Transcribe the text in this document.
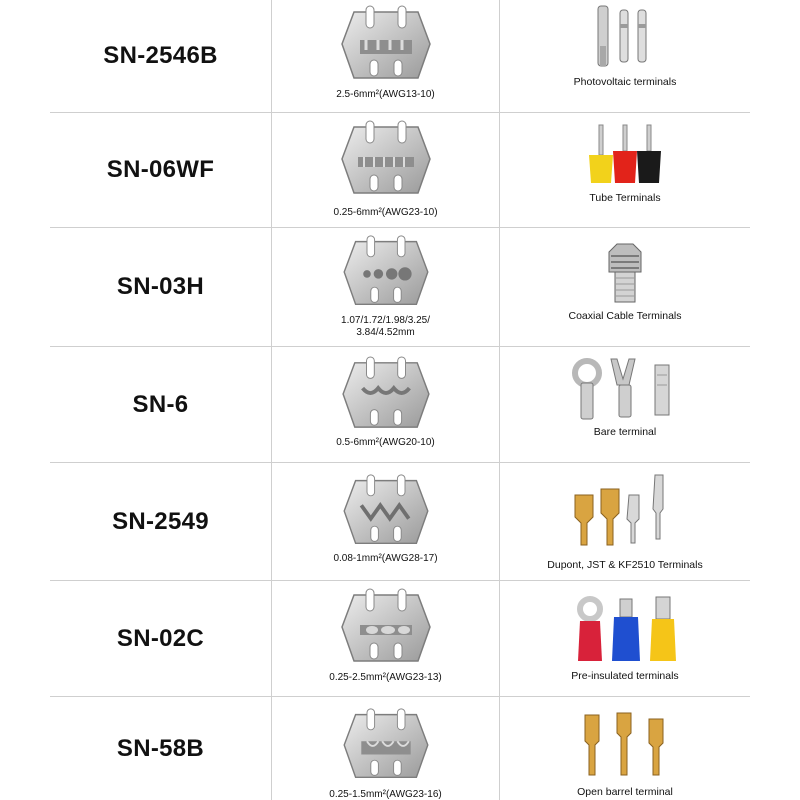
SN-2546B
2.5-6mm²(AWG13-10)
Photovoltaic terminals
SN-06WF
0.25-6mm²(AWG23-10)
Tube Terminals
SN-03H
1.07/1.72/1.98/3.25/
3.84/4.52mm
Coaxial Cable Terminals
SN-6
0.5-6mm²(AWG20-10)
Bare terminal
SN-2549
0.08-1mm²(AWG28-17)
Dupont, JST & KF2510 Terminals
SN-02C
0.25-2.5mm²(AWG23-13)	Pre-insulated terminals
SN-58B
0.25-1.5mm²(AWG23-16)	Open barrel terminal
